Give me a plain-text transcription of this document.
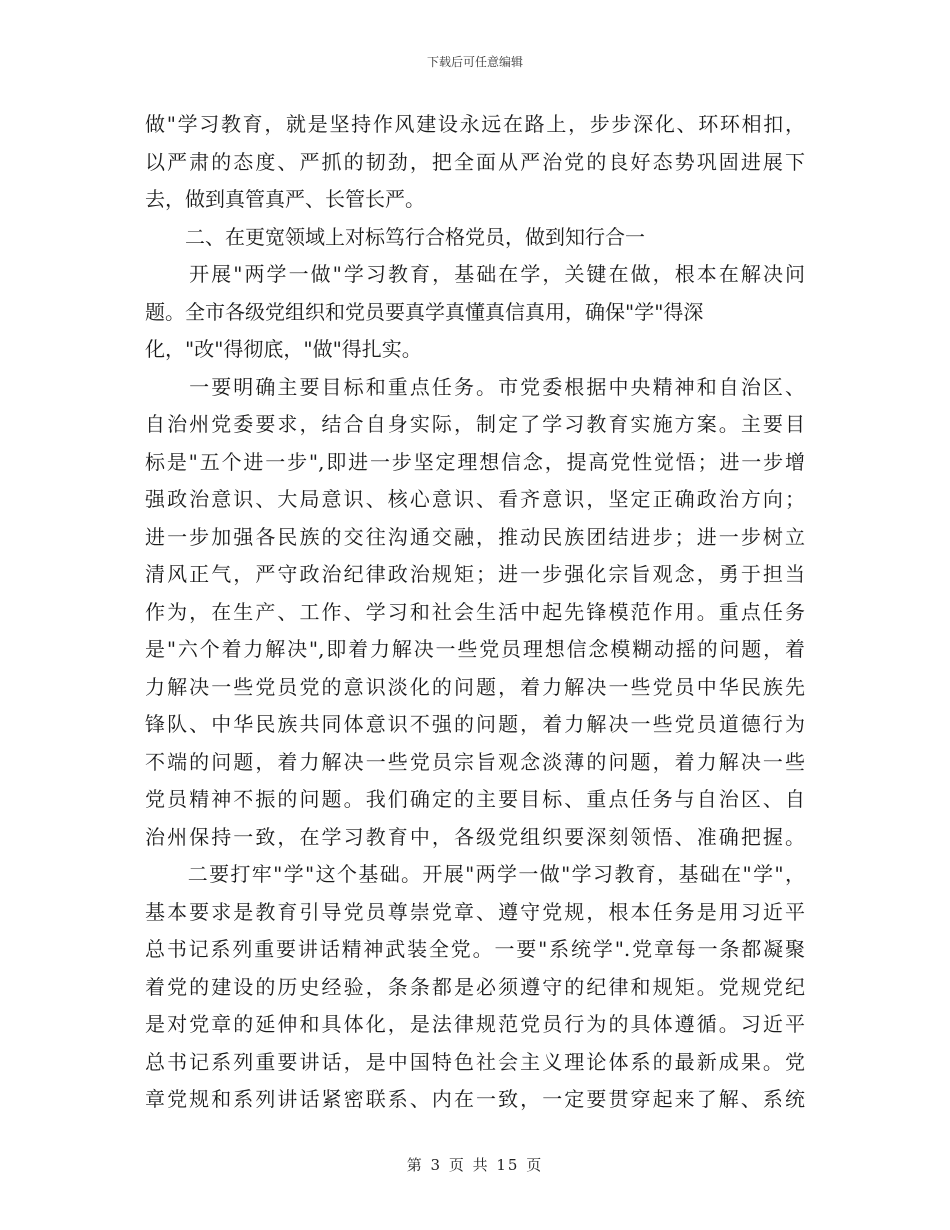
下载后可任意编辑
做"学习教育，就是坚持作风建设永远在路上，步步深化、环环相扣，
以严肃的态度、严抓的韧劲，把全面从严治党的良好态势巩固进展下
去，做到真管真严、长管长严。
　　二、在更宽领域上对标笃行合格党员，做到知行合一
　　开展"两学一做"学习教育，基础在学，关键在做，根本在解决问
题。全市各级党组织和党员要真学真懂真信真用，确保"学"得深
化，"改"得彻底，"做"得扎实。
　　一要明确主要目标和重点任务。市党委根据中央精神和自治区、
自治州党委要求，结合自身实际，制定了学习教育实施方案。主要目
标是"五个进一步",即进一步坚定理想信念，提高党性觉悟；进一步增
强政治意识、大局意识、核心意识、看齐意识，坚定正确政治方向；
进一步加强各民族的交往沟通交融，推动民族团结进步；进一步树立
清风正气，严守政治纪律政治规矩；进一步强化宗旨观念，勇于担当
作为，在生产、工作、学习和社会生活中起先锋模范作用。重点任务
是"六个着力解决",即着力解决一些党员理想信念模糊动摇的问题，着
力解决一些党员党的意识淡化的问题，着力解决一些党员中华民族先
锋队、中华民族共同体意识不强的问题，着力解决一些党员道德行为
不端的问题，着力解决一些党员宗旨观念淡薄的问题，着力解决一些
党员精神不振的问题。我们确定的主要目标、重点任务与自治区、自
治州保持一致，在学习教育中，各级党组织要深刻领悟、准确把握。
　　二要打牢"学"这个基础。开展"两学一做"学习教育，基础在"学"，
基本要求是教育引导党员尊崇党章、遵守党规，根本任务是用习近平
总书记系列重要讲话精神武装全党。一要"系统学".党章每一条都凝聚
着党的建设的历史经验，条条都是必须遵守的纪律和规矩。党规党纪
是对党章的延伸和具体化，是法律规范党员行为的具体遵循。习近平
总书记系列重要讲话，是中国特色社会主义理论体系的最新成果。党
章党规和系列讲话紧密联系、内在一致，一定要贯穿起来了解、系统
第 3 页 共 15 页
